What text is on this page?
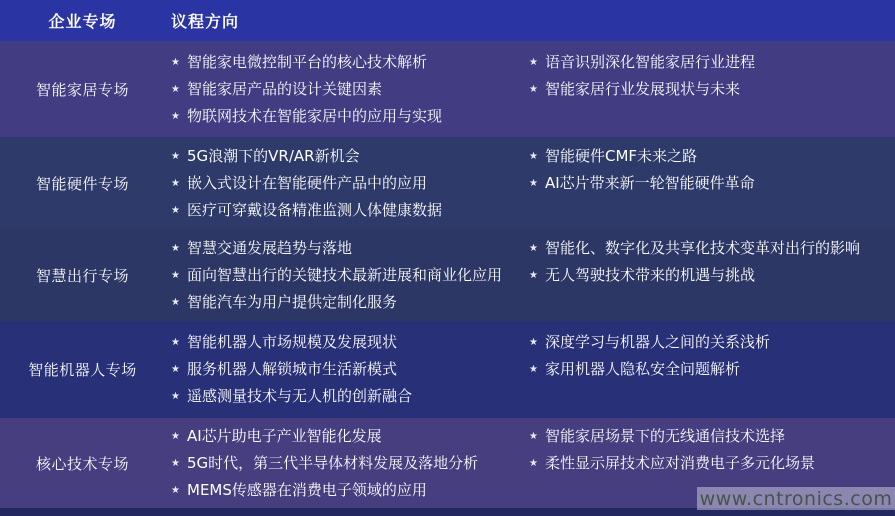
企业专场	议程方向
智能家居专场
★ 智能家电微控制平台的核心技术解析
★ 智能家居产品的设计关键因素
★ 物联网技术在智能家居中的应用与实现
★ 语音识别深化智能家居行业进程
★ 智能家居行业发展现状与未来
智能硬件专场
★ 5G浪潮下的VR/AR新机会
★ 嵌入式设计在智能硬件产品中的应用
★ 医疗可穿戴设备精准监测人体健康数据
★ 智能硬件CMF未来之路
★ AI芯片带来新一轮智能硬件革命
智慧出行专场
★ 智慧交通发展趋势与落地
★ 面向智慧出行的关键技术最新进展和商业化应用
★ 智能汽车为用户提供定制化服务
★ 智能化、数字化及共享化技术变革对出行的影响
★ 无人驾驶技术带来的机遇与挑战
智能机器人专场
★ 智能机器人市场规模及发展现状
★ 服务机器人解锁城市生活新模式
★ 遥感测量技术与无人机的创新融合
★ 深度学习与机器人之间的关系浅析
★ 家用机器人隐私安全问题解析
核心技术专场
★ AI芯片助电子产业智能化发展
★ 5G时代，第三代半导体材料发展及落地分析
★ MEMS传感器在消费电子领域的应用
★ 智能家居场景下的无线通信技术选择
★ 柔性显示屏技术应对消费电子多元化场景
www.cntronics.com
